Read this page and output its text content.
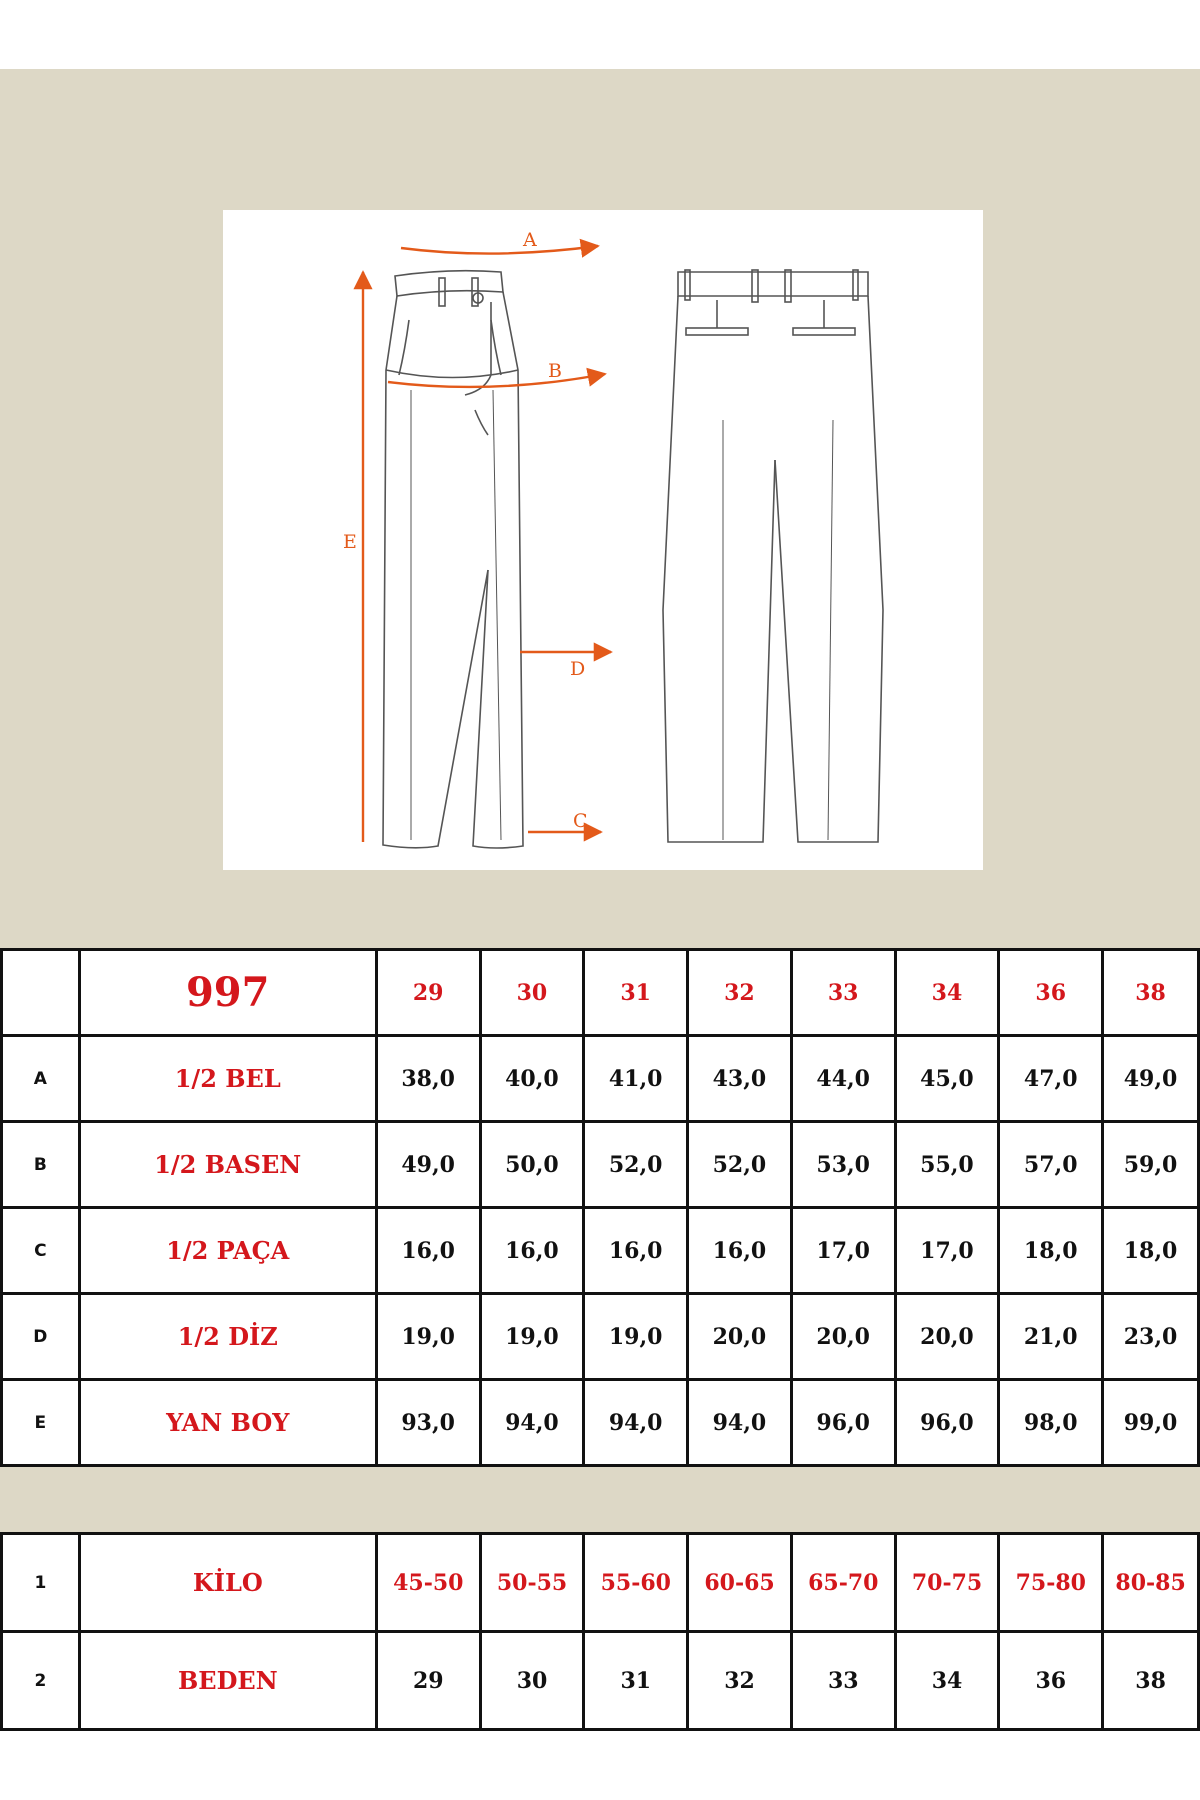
A
B
C
D
E
	997	29	30	31	32	33	34	36	38
A	1/2 BEL	38,0	40,0	41,0	43,0	44,0	45,0	47,0	49,0
B	1/2 BASEN	49,0	50,0	52,0	52,0	53,0	55,0	57,0	59,0
C	1/2 PAÇA	16,0	16,0	16,0	16,0	17,0	17,0	18,0	18,0
D	1/2 DİZ	19,0	19,0	19,0	20,0	20,0	20,0	21,0	23,0
E	YAN BOY	93,0	94,0	94,0	94,0	96,0	96,0	98,0	99,0
1	KİLO	45-50	50-55	55-60	60-65	65-70	70-75	75-80	80-85
2	BEDEN	29	30	31	32	33	34	36	38
